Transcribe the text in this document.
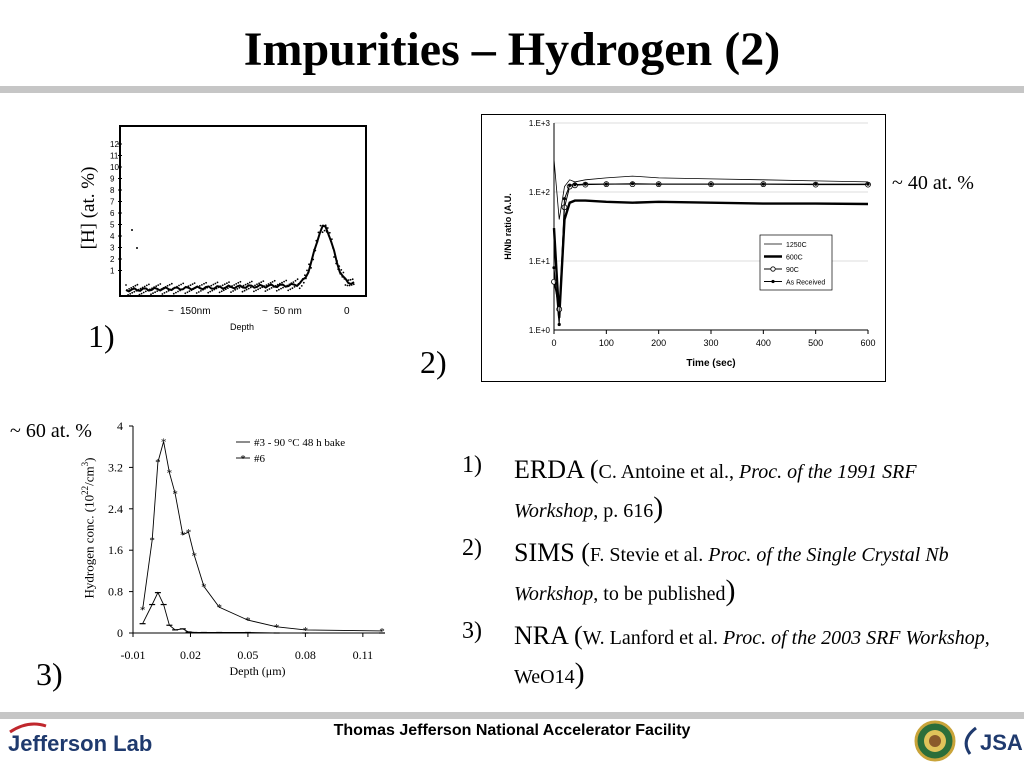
Impurities – Hydrogen (2)
12
11
10
9
8
7
6
5
4
3
2
1
~ 150nm	~ 50 nm	0
Depth
[H] (at. %)
1)
1.E+3
1.E+2
1.E+1
1.E+0
0	100	200	300	400	500	600
Time (sec)
H/Nb ratio (A.U.	1250C
600C
90C
As Received
2)
~ 40 at. %
4
3.2
2.4
1.6
0.8
0
-0.01	0.02	0.05	0.08	0.11
Depth (μm)
*
*
*
*
*
*
* *
*
*
*
*
* *	*
#3 - 90 °C 48 h bake
* #6
~ 60 at. %
Hydrogen conc. $(10^{22}/cm^3)$
3)
1)	ERDA (C. Antoine et al., Proc. of the 1991 SRF Workshop, p. 616)
2)	SIMS (F. Stevie et al. Proc. of the Single Crystal Nb Workshop, to be published)
3)	NRA (W. Lanford et al. Proc. of the 2003 SRF Workshop, WeO14)
Thomas Jefferson National Accelerator Facility
Jefferson Lab	JSA
